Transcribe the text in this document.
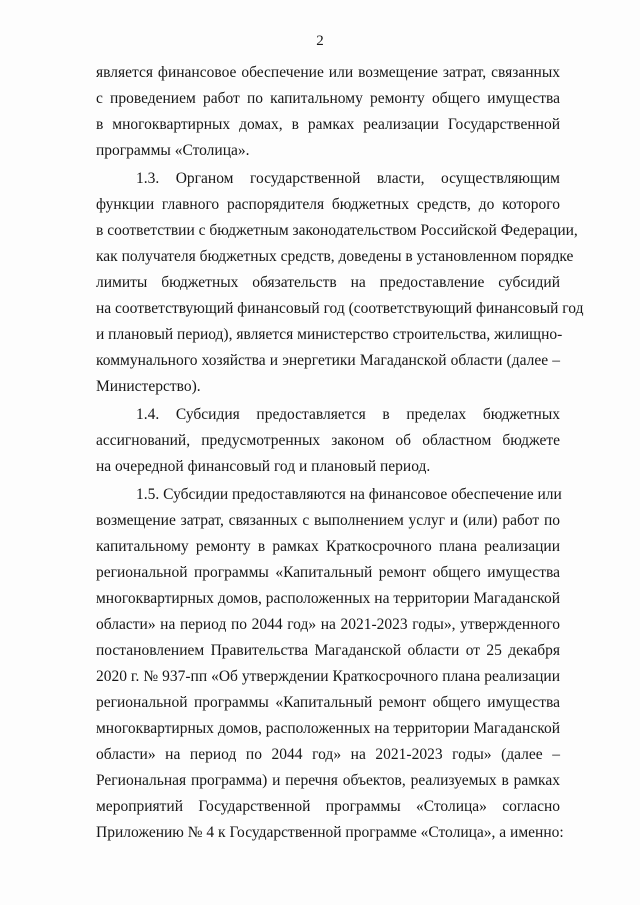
2
является финансовое обеспечение или возмещение затрат, связанных
с проведением работ по капитальному ремонту общего имущества
в многоквартирных домах, в рамках реализации Государственной
программы «Столица».
1.3. Органом государственной власти, осуществляющим
функции главного распорядителя бюджетных средств, до которого
в соответствии с бюджетным законодательством Российской Федерации,
как получателя бюджетных средств, доведены в установленном порядке
лимиты бюджетных обязательств на предоставление субсидий
на соответствующий финансовый год (соответствующий финансовый год
и плановый период), является министерство строительства, жилищно-
коммунального хозяйства и энергетики Магаданской области (далее –
Министерство).
1.4. Субсидия предоставляется в пределах бюджетных
ассигнований, предусмотренных законом об областном бюджете
на очередной финансовый год и плановый период.
1.5. Субсидии предоставляются на финансовое обеспечение или
возмещение затрат, связанных с выполнением услуг и (или) работ по
капитальному ремонту в рамках Краткосрочного плана реализации
региональной программы «Капитальный ремонт общего имущества
многоквартирных домов, расположенных на территории Магаданской
области» на период по 2044 год» на 2021-2023 годы», утвержденного
постановлением Правительства Магаданской области от 25 декабря
2020 г. № 937-пп «Об утверждении Краткосрочного плана реализации
региональной программы «Капитальный ремонт общего имущества
многоквартирных домов, расположенных на территории Магаданской
области» на период по 2044 год» на 2021-2023 годы» (далее –
Региональная программа) и перечня объектов, реализуемых в рамках
мероприятий Государственной программы «Столица» согласно
Приложению № 4 к Государственной программе «Столица», а именно:
